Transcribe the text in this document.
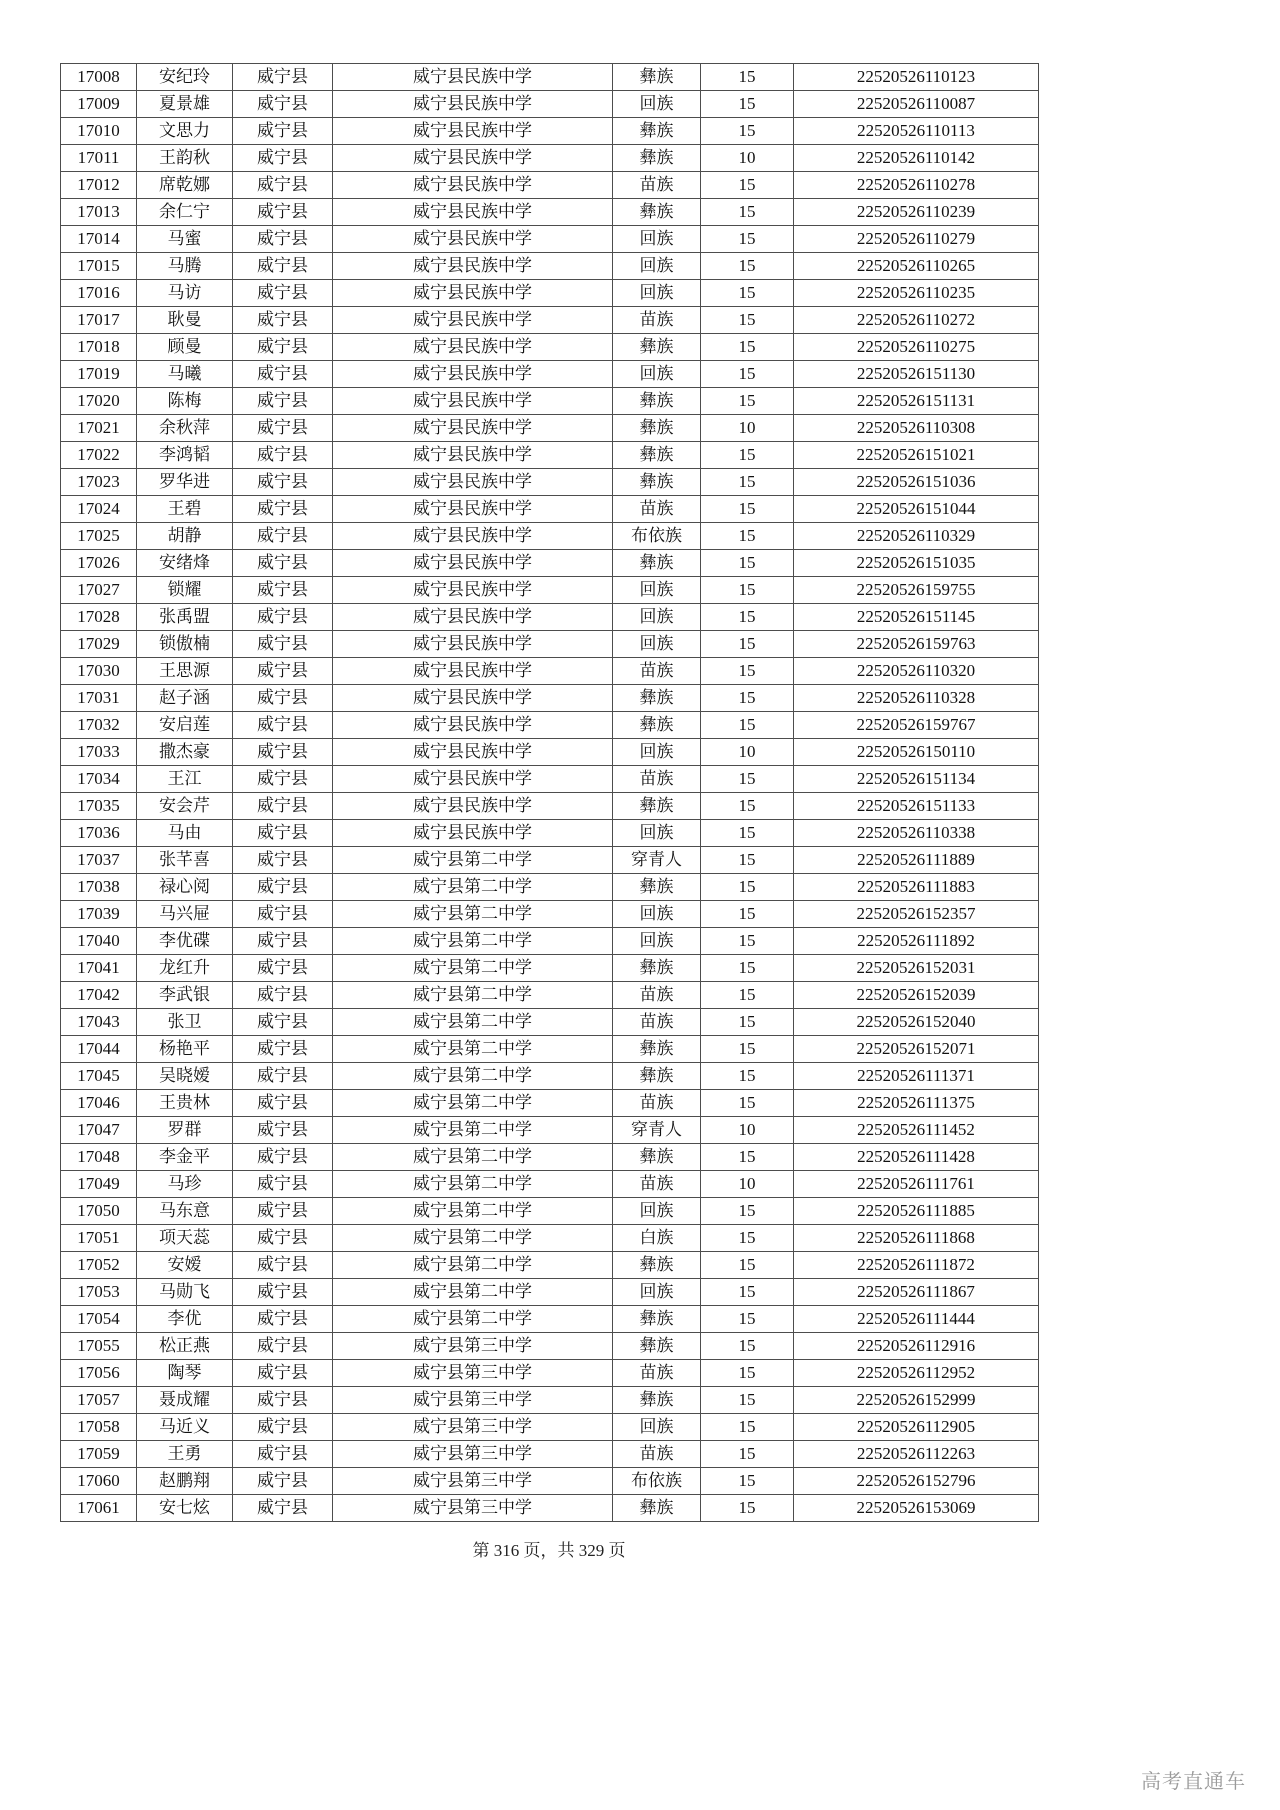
17008	安纪玲	威宁县	威宁县民族中学	彝族	15	22520526110123
17009	夏景雄	威宁县	威宁县民族中学	回族	15	22520526110087
17010	文思力	威宁县	威宁县民族中学	彝族	15	22520526110113
17011	王韵秋	威宁县	威宁县民族中学	彝族	10	22520526110142
17012	席乾娜	威宁县	威宁县民族中学	苗族	15	22520526110278
17013	余仁宁	威宁县	威宁县民族中学	彝族	15	22520526110239
17014	马蜜	威宁县	威宁县民族中学	回族	15	22520526110279
17015	马腾	威宁县	威宁县民族中学	回族	15	22520526110265
17016	马访	威宁县	威宁县民族中学	回族	15	22520526110235
17017	耿曼	威宁县	威宁县民族中学	苗族	15	22520526110272
17018	顾曼	威宁县	威宁县民族中学	彝族	15	22520526110275
17019	马曦	威宁县	威宁县民族中学	回族	15	22520526151130
17020	陈梅	威宁县	威宁县民族中学	彝族	15	22520526151131
17021	余秋萍	威宁县	威宁县民族中学	彝族	10	22520526110308
17022	李鸿韬	威宁县	威宁县民族中学	彝族	15	22520526151021
17023	罗华进	威宁县	威宁县民族中学	彝族	15	22520526151036
17024	王碧	威宁县	威宁县民族中学	苗族	15	22520526151044
17025	胡静	威宁县	威宁县民族中学	布依族	15	22520526110329
17026	安绪烽	威宁县	威宁县民族中学	彝族	15	22520526151035
17027	锁耀	威宁县	威宁县民族中学	回族	15	22520526159755
17028	张禹盟	威宁县	威宁县民族中学	回族	15	22520526151145
17029	锁傲楠	威宁县	威宁县民族中学	回族	15	22520526159763
17030	王思源	威宁县	威宁县民族中学	苗族	15	22520526110320
17031	赵子涵	威宁县	威宁县民族中学	彝族	15	22520526110328
17032	安启莲	威宁县	威宁县民族中学	彝族	15	22520526159767
17033	撒杰豪	威宁县	威宁县民族中学	回族	10	22520526150110
17034	王江	威宁县	威宁县民族中学	苗族	15	22520526151134
17035	安会芹	威宁县	威宁县民族中学	彝族	15	22520526151133
17036	马由	威宁县	威宁县民族中学	回族	15	22520526110338
17037	张芊喜	威宁县	威宁县第二中学	穿青人	15	22520526111889
17038	禄心阅	威宁县	威宁县第二中学	彝族	15	22520526111883
17039	马兴屉	威宁县	威宁县第二中学	回族	15	22520526152357
17040	李优碟	威宁县	威宁县第二中学	回族	15	22520526111892
17041	龙红升	威宁县	威宁县第二中学	彝族	15	22520526152031
17042	李武银	威宁县	威宁县第二中学	苗族	15	22520526152039
17043	张卫	威宁县	威宁县第二中学	苗族	15	22520526152040
17044	杨艳平	威宁县	威宁县第二中学	彝族	15	22520526152071
17045	吴晓嫒	威宁县	威宁县第二中学	彝族	15	22520526111371
17046	王贵林	威宁县	威宁县第二中学	苗族	15	22520526111375
17047	罗群	威宁县	威宁县第二中学	穿青人	10	22520526111452
17048	李金平	威宁县	威宁县第二中学	彝族	15	22520526111428
17049	马珍	威宁县	威宁县第二中学	苗族	10	22520526111761
17050	马东意	威宁县	威宁县第二中学	回族	15	22520526111885
17051	项天蕊	威宁县	威宁县第二中学	白族	15	22520526111868
17052	安嫒	威宁县	威宁县第二中学	彝族	15	22520526111872
17053	马勋飞	威宁县	威宁县第二中学	回族	15	22520526111867
17054	李优	威宁县	威宁县第二中学	彝族	15	22520526111444
17055	松正燕	威宁县	威宁县第三中学	彝族	15	22520526112916
17056	陶琴	威宁县	威宁县第三中学	苗族	15	22520526112952
17057	聂成耀	威宁县	威宁县第三中学	彝族	15	22520526152999
17058	马近义	威宁县	威宁县第三中学	回族	15	22520526112905
17059	王勇	威宁县	威宁县第三中学	苗族	15	22520526112263
17060	赵鹏翔	威宁县	威宁县第三中学	布依族	15	22520526152796
17061	安七炫	威宁县	威宁县第三中学	彝族	15	22520526153069
第 316 页，共 329 页
高考直通车
